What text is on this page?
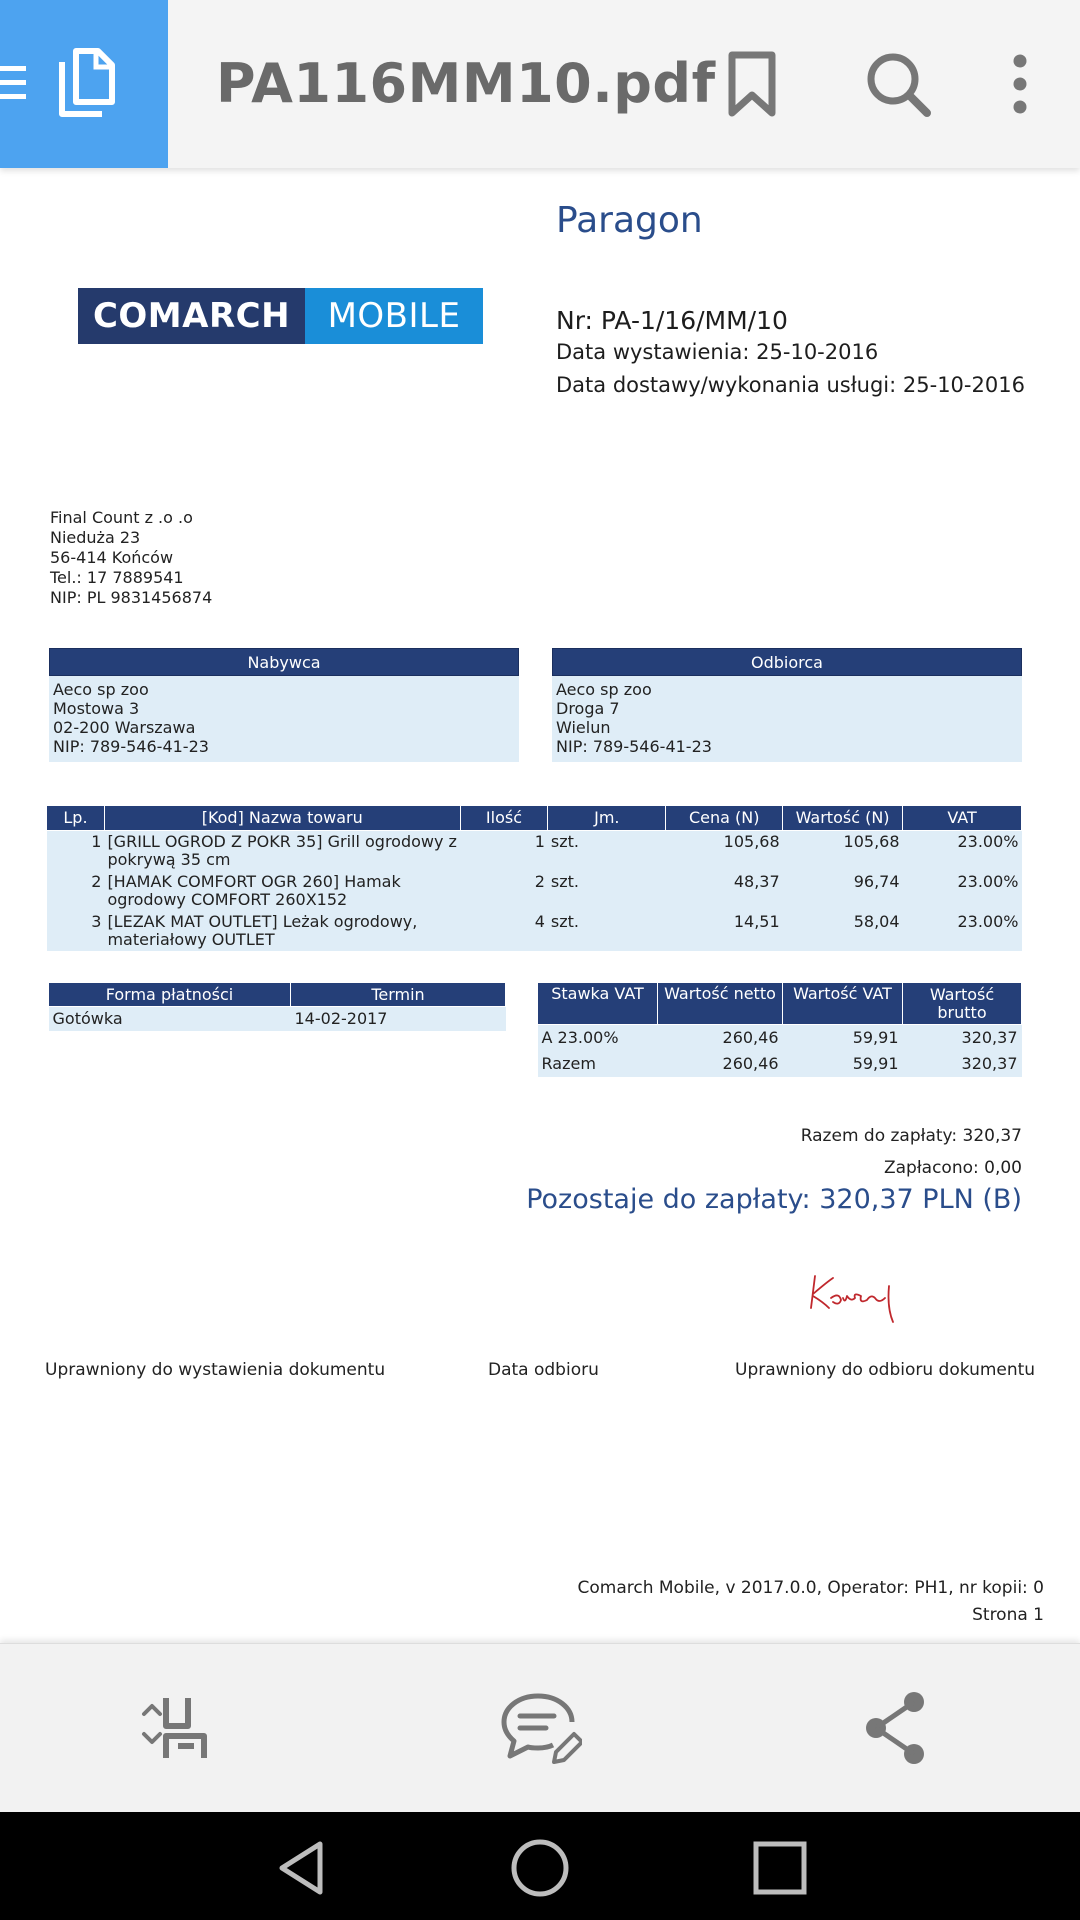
PA116MM10.pdf
Paragon
COMARCH	MOBILE	Nr: PA-1/16/MM/10
Data wystawienia: 25-10-2016
Data dostawy/wykonania usługi: 25-10-2016
Final Count z .o .o
Nieduża 23
56-414 Końców
Tel.: 17 7889541
NIP: PL 9831456874
Nabywca
Aeco sp zoo
Mostowa 3
02-200 Warszawa
NIP: 789-546-41-23
Odbiorca
Aeco sp zoo
Droga 7
Wielun
NIP: 789-546-41-23
Lp.	[Kod] Nazwa towaru	Ilość	Jm.	Cena (N)	Wartość (N)	VAT
1	[GRILL OGROD Z POKR 35] Grill ogrodowy z
pokrywą 35 cm	1	szt.	105,68	105,68	23.00%
2	[HAMAK COMFORT OGR 260] Hamak
ogrodowy COMFORT 260X152	2	szt.	48,37	96,74	23.00%
3	[LEZAK MAT OUTLET] Leżak ogrodowy,
materiałowy OUTLET	4	szt.	14,51	58,04	23.00%
Forma płatności	Termin
Gotówka	14-02-2017
Stawka VAT	Wartość netto	Wartość VAT	Wartość
brutto

A 23.00%	260,46	59,91	320,37
Razem	260,46	59,91	320,37
Razem do zapłaty: 320,37
Zapłacono: 0,00
Pozostaje do zapłaty: 320,37 PLN (B)
Uprawniony do wystawienia dokumentu	Data odbioru	Uprawniony do odbioru dokumentu
Comarch Mobile, v 2017.0.0, Operator: PH1, nr kopii: 0
Strona 1
